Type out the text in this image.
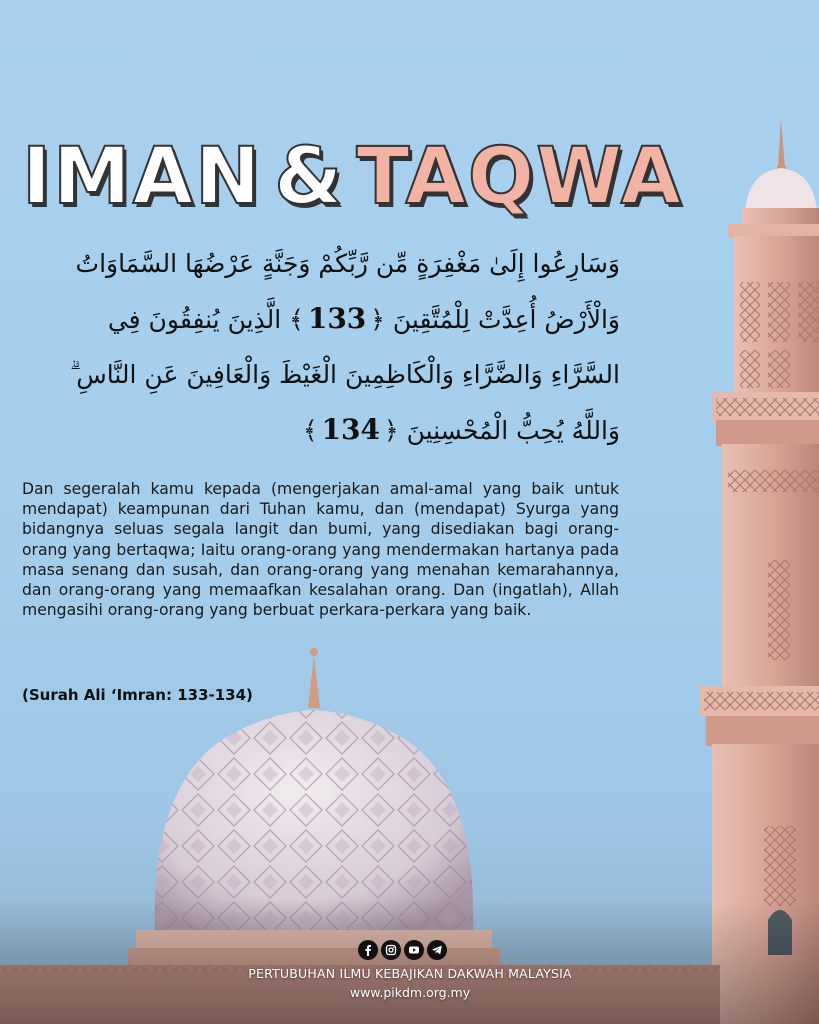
IMAN & TAQWA
وَسَارِعُوا إِلَىٰ مَغْفِرَةٍ مِّن رَّبِّكُمْ وَجَنَّةٍ عَرْضُهَا السَّمَاوَاتُ
وَالْأَرْضُ أُعِدَّتْ لِلْمُتَّقِينَ ﴿133﴾ الَّذِينَ يُنفِقُونَ فِي
السَّرَّاءِ وَالضَّرَّاءِ وَالْكَاظِمِينَ الْغَيْظَ وَالْعَافِينَ عَنِ النَّاسِ ۗ
وَاللَّهُ يُحِبُّ الْمُحْسِنِينَ ﴿134﴾
Dan segeralah kamu kepada (mengerjakan amal-amal yang baik untuk mendapat) keampunan dari Tuhan kamu, dan (mendapat) Syurga yang bidangnya seluas segala langit dan bumi, yang disediakan bagi orang-orang yang bertaqwa; Iaitu orang-orang yang mendermakan hartanya pada masa senang dan susah, dan orang-orang yang menahan kemarahannya, dan orang-orang yang memaafkan kesalahan orang. Dan (ingatlah), Allah mengasihi orang-orang yang berbuat perkara-perkara yang baik.
(Surah Ali ‘Imran: 133-134)
PERTUBUHAN ILMU KEBAJIKAN DAKWAH MALAYSIA
www.pikdm.org.my
